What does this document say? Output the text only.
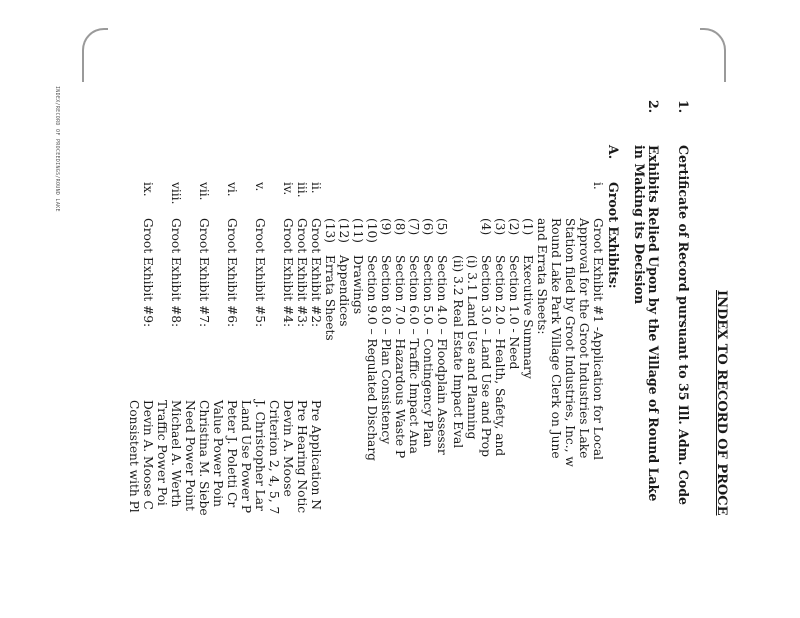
INDEX/RECORD OF PROCEEDINGS/ROUND LAKE
INDEX TO RECORD OF PROCE
1.
Certificate of Record pursuant to 35 Ill. Adm. Code
2.
Exhibits Relied Upon by the Village of Round Lake
in Making its Decision
A.
Groot Exhibits:
i.
Groot Exhibit #1 -Application for Local
Approval for the Groot Industries Lake
Station filed by Groot Industries, Inc., w
Round Lake Park Village Clerk on June
and Errata Sheets:
(1)
Executive Summary
(2)
Section 1.0 - Need
(3)
Section 2.0 – Health, Safety, and
(4)
Section 3.0 – Land Use and Prop
(i) 3.1 Land Use and Planning
(ii) 3.2 Real Estate Impact Eval
(5)
Section 4.0 – Floodplain Assessr
(6)
Section 5.0 – Contingency Plan
(7)
Section 6.0 – Traffic Impact Ana
(8)
Section 7.0 – Hazardous Waste P
(9)
Section 8.0 – Plan Consistency
(10)
Section 9.0 – Regulated Discharg
(11)
Drawings
(12)
Appendices
(13)
Errata Sheets
ii.
Groot Exhibit #2:
Pre Application N
iii.
Groot Exhibit #3:
Pre Hearing Notic
iv.
Groot Exhibit #4:
Devin A. Moose
Criterion 2, 4, 5, 7
v.
Groot Exhibit #5:
J. Christopher Lar
Land Use Power P
vi.
Groot Exhibit #6:
Peter J. Poletti Cr
Value Power Poin
vii.
Groot Exhibit #7:
Christina M. Siebe
Need Power Point
viii.
Groot Exhibit #8:
Michael A. Werth
Traffic Power Poi
ix.
Groot Exhibit #9:
Devin A. Moose C
Consistent with Pl
